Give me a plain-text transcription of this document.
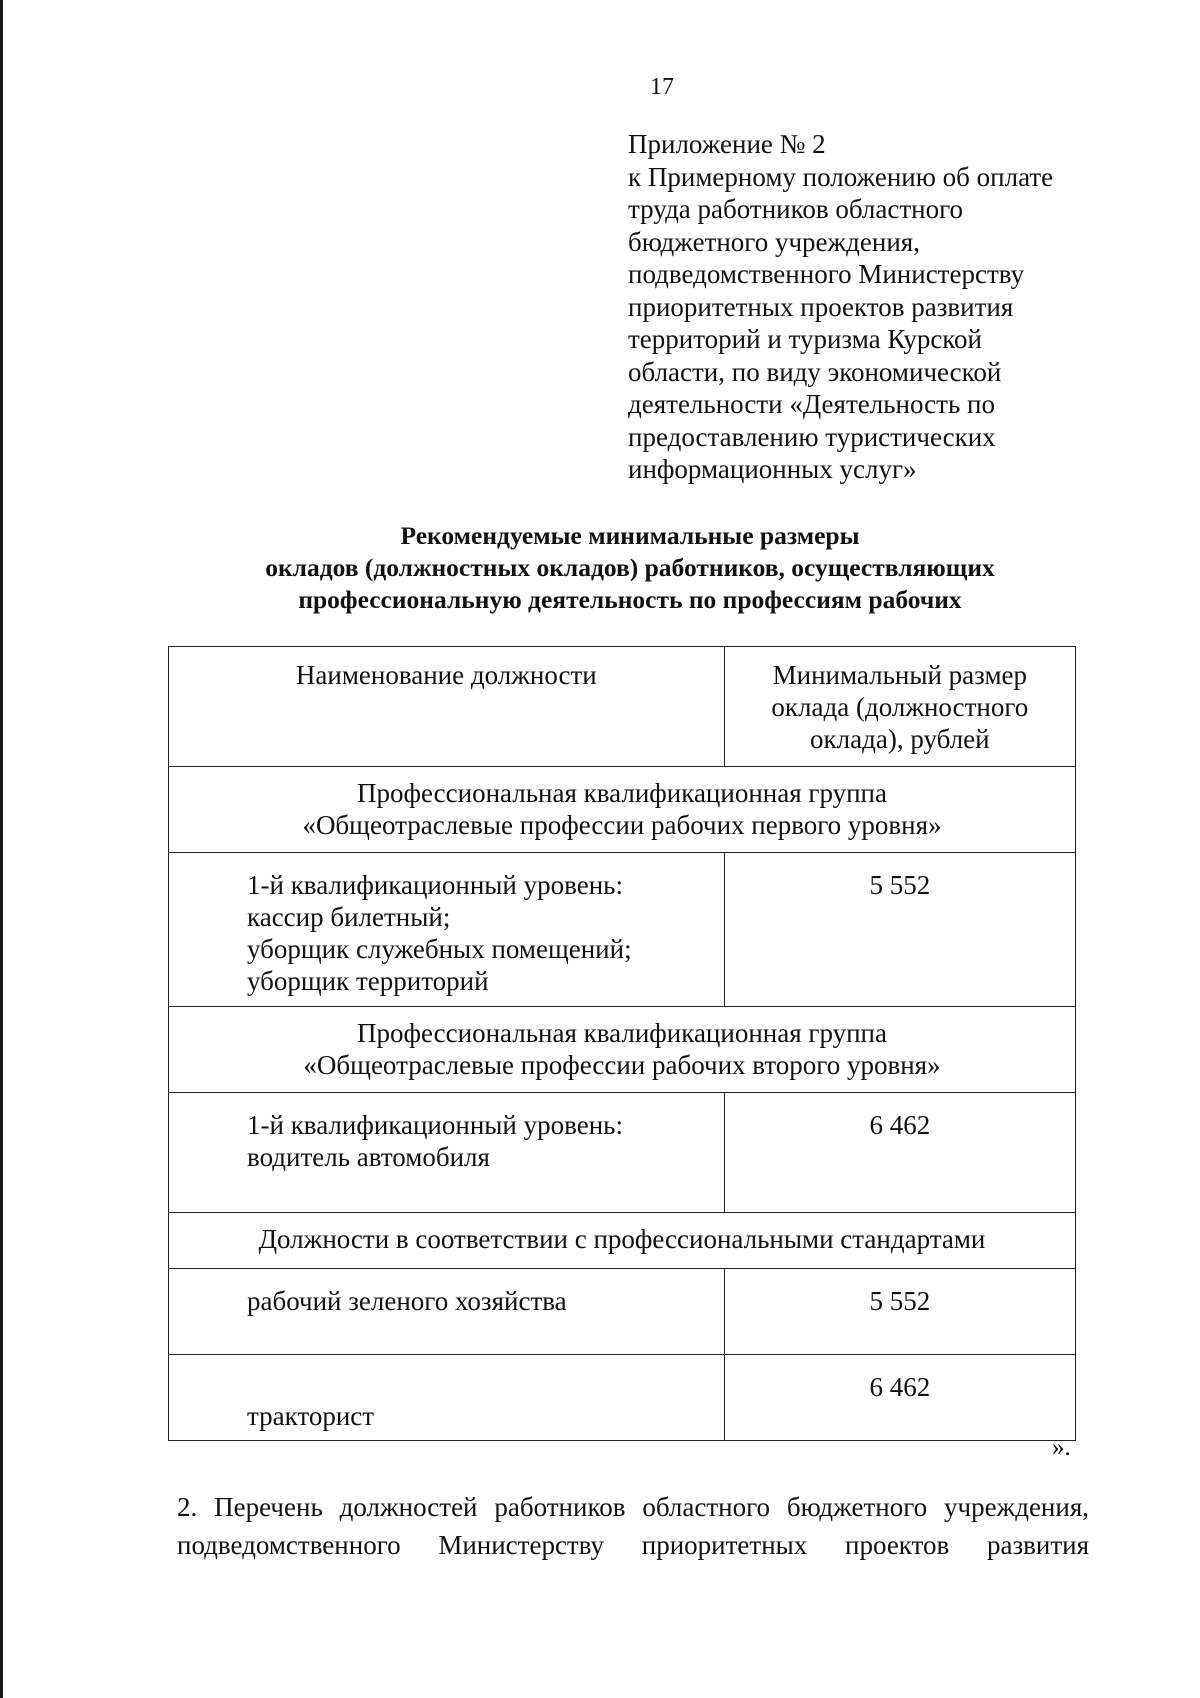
17
Приложение № 2
к Примерному положению об оплате
труда работников областного
бюджетного учреждения,
подведомственного Министерству
приоритетных проектов развития
территорий и туризма Курской
области, по виду экономической
деятельности «Деятельность по
предоставлению туристических
информационных услуг»
Рекомендуемые минимальные размеры
окладов (должностных окладов) работников, осуществляющих
профессиональную деятельность по профессиям рабочих
Наименование должности	Минимальный размер
оклада (должностного
оклада), рублей

Профессиональная квалификационная группа
«Общеотраслевые профессии рабочих первого уровня»	

1-й квалификационный уровень:
кассир билетный;
уборщик служебных помещений;
уборщик территорий	5 552

Профессиональная квалификационная группа
«Общеотраслевые профессии рабочих второго уровня»	

1-й квалификационный уровень:
водитель автомобиля	6 462
Должности в соответствии с профессиональными стандартами	
рабочий зеленого хозяйства	5 552
тракторист	6 462
».
2. Перечень должностей работников областного бюджетного учреждения, подведомственного Министерству приоритетных проектов развития
